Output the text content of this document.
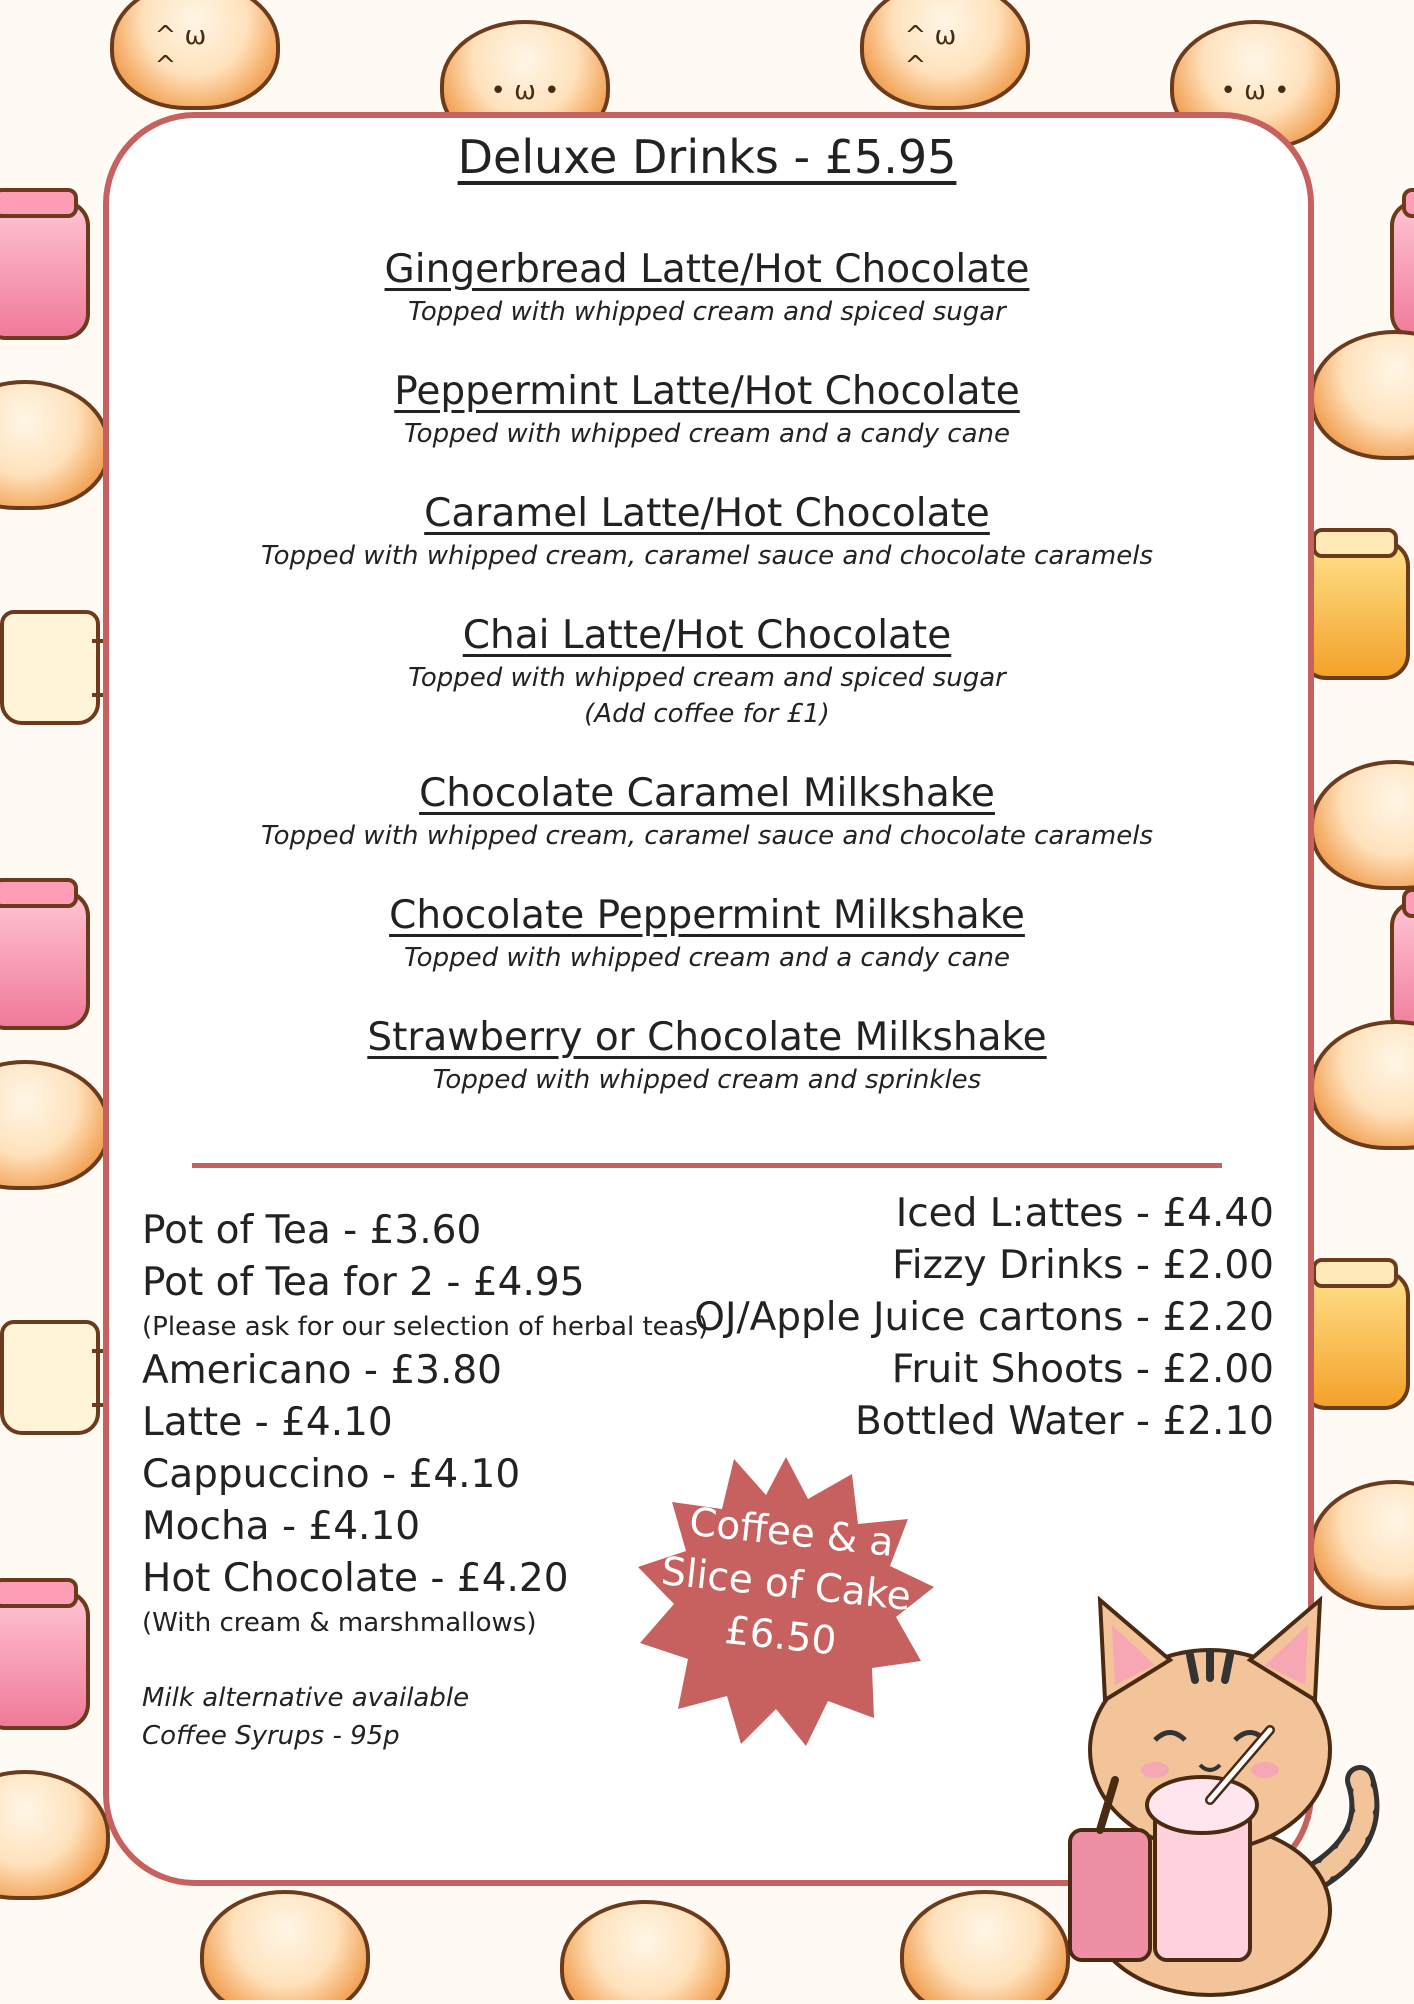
^ ω ^
• ω •
^ ω ^
• ω •
Deluxe Drinks - £5.95
Gingerbread Latte/Hot Chocolate
Topped with whipped cream and spiced sugar
Peppermint Latte/Hot Chocolate
Topped with whipped cream and a candy cane
Caramel Latte/Hot Chocolate
Topped with whipped cream, caramel sauce and chocolate caramels
Chai Latte/Hot Chocolate
Topped with whipped cream and spiced sugar
(Add coffee for £1)
Chocolate Caramel Milkshake
Topped with whipped cream, caramel sauce and chocolate caramels
Chocolate Peppermint Milkshake
Topped with whipped cream and a candy cane
Strawberry or Chocolate Milkshake
Topped with whipped cream and sprinkles
Pot of Tea - £3.60
Pot of Tea for 2 - £4.95
(Please ask for our selection of herbal teas)
Americano - £3.80
Latte - £4.10
Cappuccino - £4.10
Mocha - £4.10
Hot Chocolate - £4.20
(With cream & marshmallows)
Milk alternative available
Coffee Syrups - 95p
Iced L:attes - £4.40
Fizzy Drinks - £2.00
OJ/Apple Juice cartons - £2.20
Fruit Shoots - £2.00
Bottled Water - £2.10
Coffee & a
Slice of Cake
£6.50
